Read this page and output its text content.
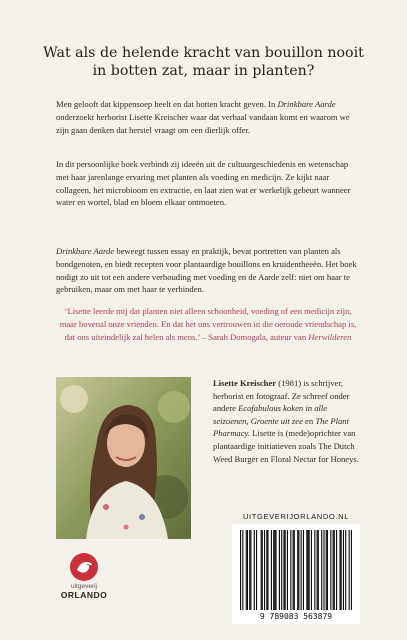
Wat als de helende kracht van bouillon nooit
in botten zat, maar in planten?

Men gelooft dat kippensoep heelt en dat botten kracht geven. In Drinkbare Aarde onderzoekt herborist Lisette Kreischer waar dat verhaal vandaan komt en waarom we zijn gaan denken dat herstel vraagt om een dierlijk offer.

In dit persoonlijke boek verbindt zij ideeën uit de cultuurgeschiedenis en wetenschap met haar jarenlange ervaring met planten als voeding en medicijn. Ze kijkt naar collageen, het microbioom en extractie, en laat zien wat er werkelijk gebeurt wanneer water en wortel, blad en bloem elkaar ontmoeten.

Drinkbare Aarde beweegt tussen essay en praktijk, bevat portretten van planten als bondgenoten, en biedt recepten voor plantaardige bouillons en kruidentheeën. Het boek nodigt zo uit tot een andere verhouding met voeding en de Aarde zelf: niet om haar te gebruiken, maar om met haar te verbinden.

‘Lisette leerde mij dat planten niet alleen schoonheid, voeding of een medicijn zijn, maar bovenal onze vrienden. En dat het ons vertrouwen in die oeroude vriendschap is, dat ons uiteindelijk zal helen als mens.’ – Sarah Domogala, auteur van Herwilderen
Lisette Kreischer (1981) is schrijver, herborist en fotograaf. Ze schreef onder andere Ecofabulous koken in alle seizoenen, Groente uit zee en The Plant Pharmacy. Lisette is (mede)oprichter van plantaardige initiatieven zoals The Dutch Weed Burger en Floral Nectar for Honeys.
uitgeverij
ORLANDO
UITGEVERIJORLANDO.NL
9 789083 563879
